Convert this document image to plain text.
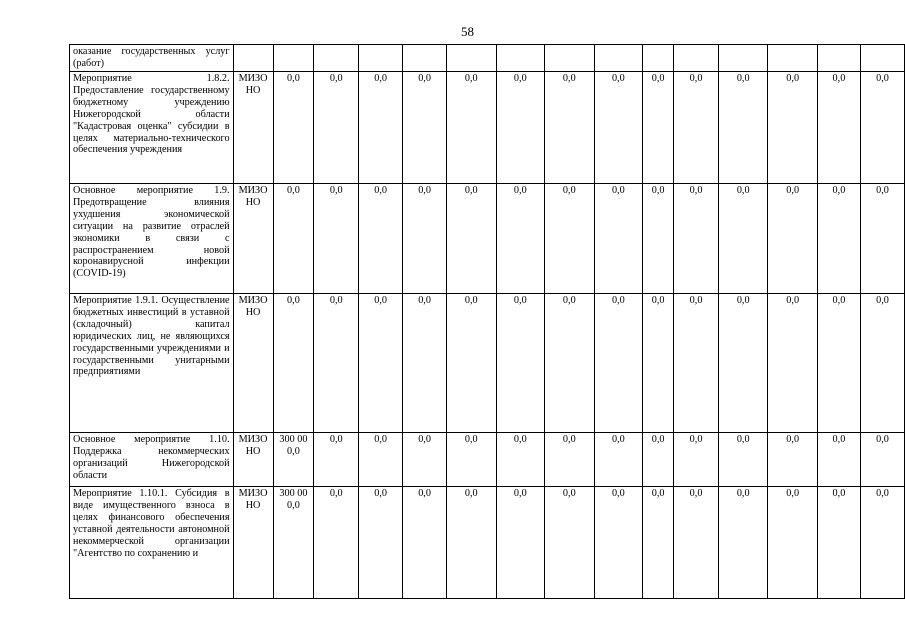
58
оказание государственных услуг (работ)															
Мероприятие 1.8.2. Предоставление государственному бюджетному учреждению Нижегородской области "Кадастровая оценка" субсидии в целях материально-технического обеспечения учреждения	МИЗО НО	0,0	0,0	0,0	0,0	0,0	0,0	0,0	0,0	0,0	0,0	0,0	0,0	0,0	0,0
Основное мероприятие 1.9. Предотвращение влияния ухудшения экономической ситуации на развитие отраслей экономики в связи с распространением новой коронавирусной инфекции (COVID-19)	МИЗО НО	0,0	0,0	0,0	0,0	0,0	0,0	0,0	0,0	0,0	0,0	0,0	0,0	0,0	0,0
Мероприятие 1.9.1. Осуществление бюджетных инвестиций в уставной (складочный) капитал юридических лиц, не являющихся государственными учреждениями и государственными унитарными предприятиями	МИЗО НО	0,0	0,0	0,0	0,0	0,0	0,0	0,0	0,0	0,0	0,0	0,0	0,0	0,0	0,0
Основное мероприятие 1.10. Поддержка некоммерческих организаций Нижегородской области	МИЗО НО	300 000,0	0,0	0,0	0,0	0,0	0,0	0,0	0,0	0,0	0,0	0,0	0,0	0,0	0,0
Мероприятие 1.10.1. Субсидия в виде имущественного взноса в целях финансового обеспечения уставной деятельности автономной некоммерческой организации "Агентство по сохранению и	МИЗО НО	300 000,0	0,0	0,0	0,0	0,0	0,0	0,0	0,0	0,0	0,0	0,0	0,0	0,0	0,0
